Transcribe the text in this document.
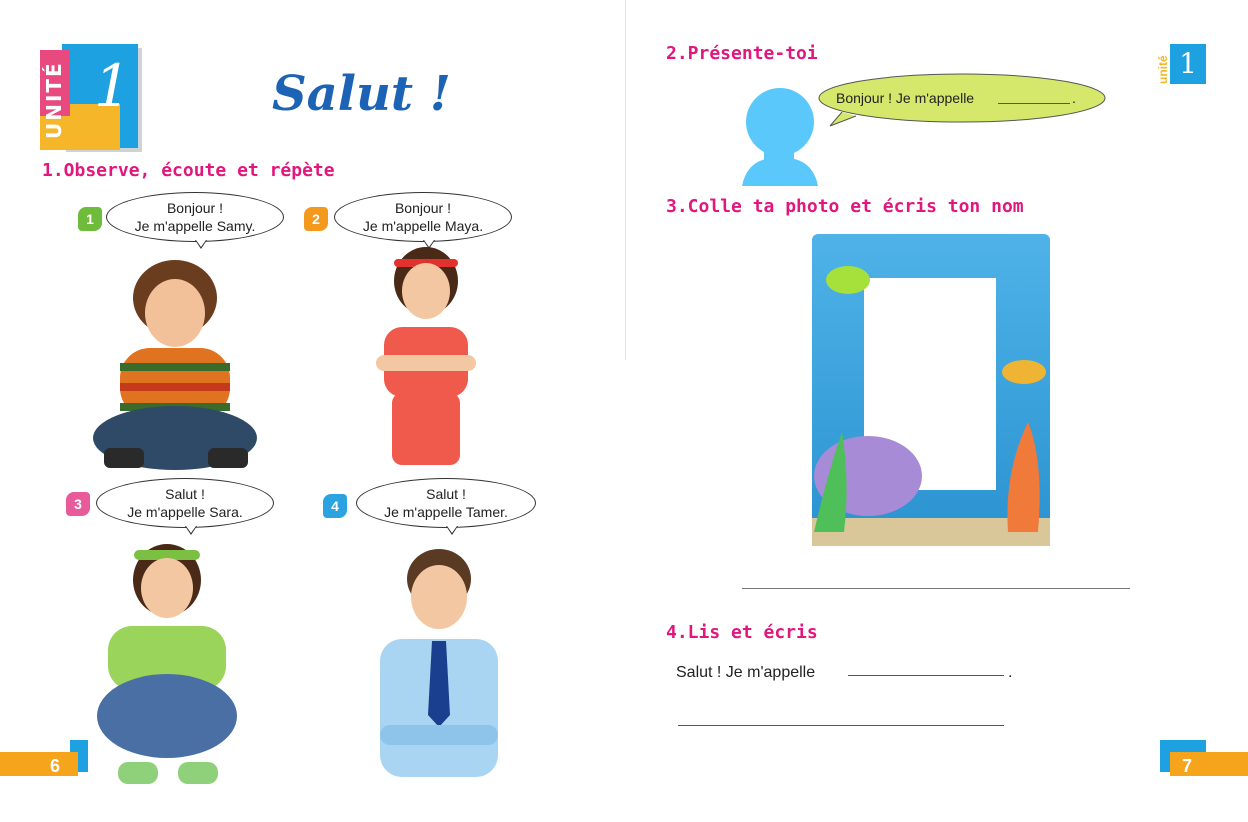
UNITÉ 1	Salut !
1.Observe, écoute et répète
1
Bonjour !
Je m'appelle Samy.	2
Bonjour !
Je m'appelle Maya.
3
Salut !
Je m'appelle Sara.	4
Salut !
Je m'appelle Tamer.
6
unité 1
2.Présente-toi
Bonjour ! Je m'appelle	.
3.Colle ta photo et écris ton nom
4.Lis et écris
Salut ! Je m'appelle	.
7
